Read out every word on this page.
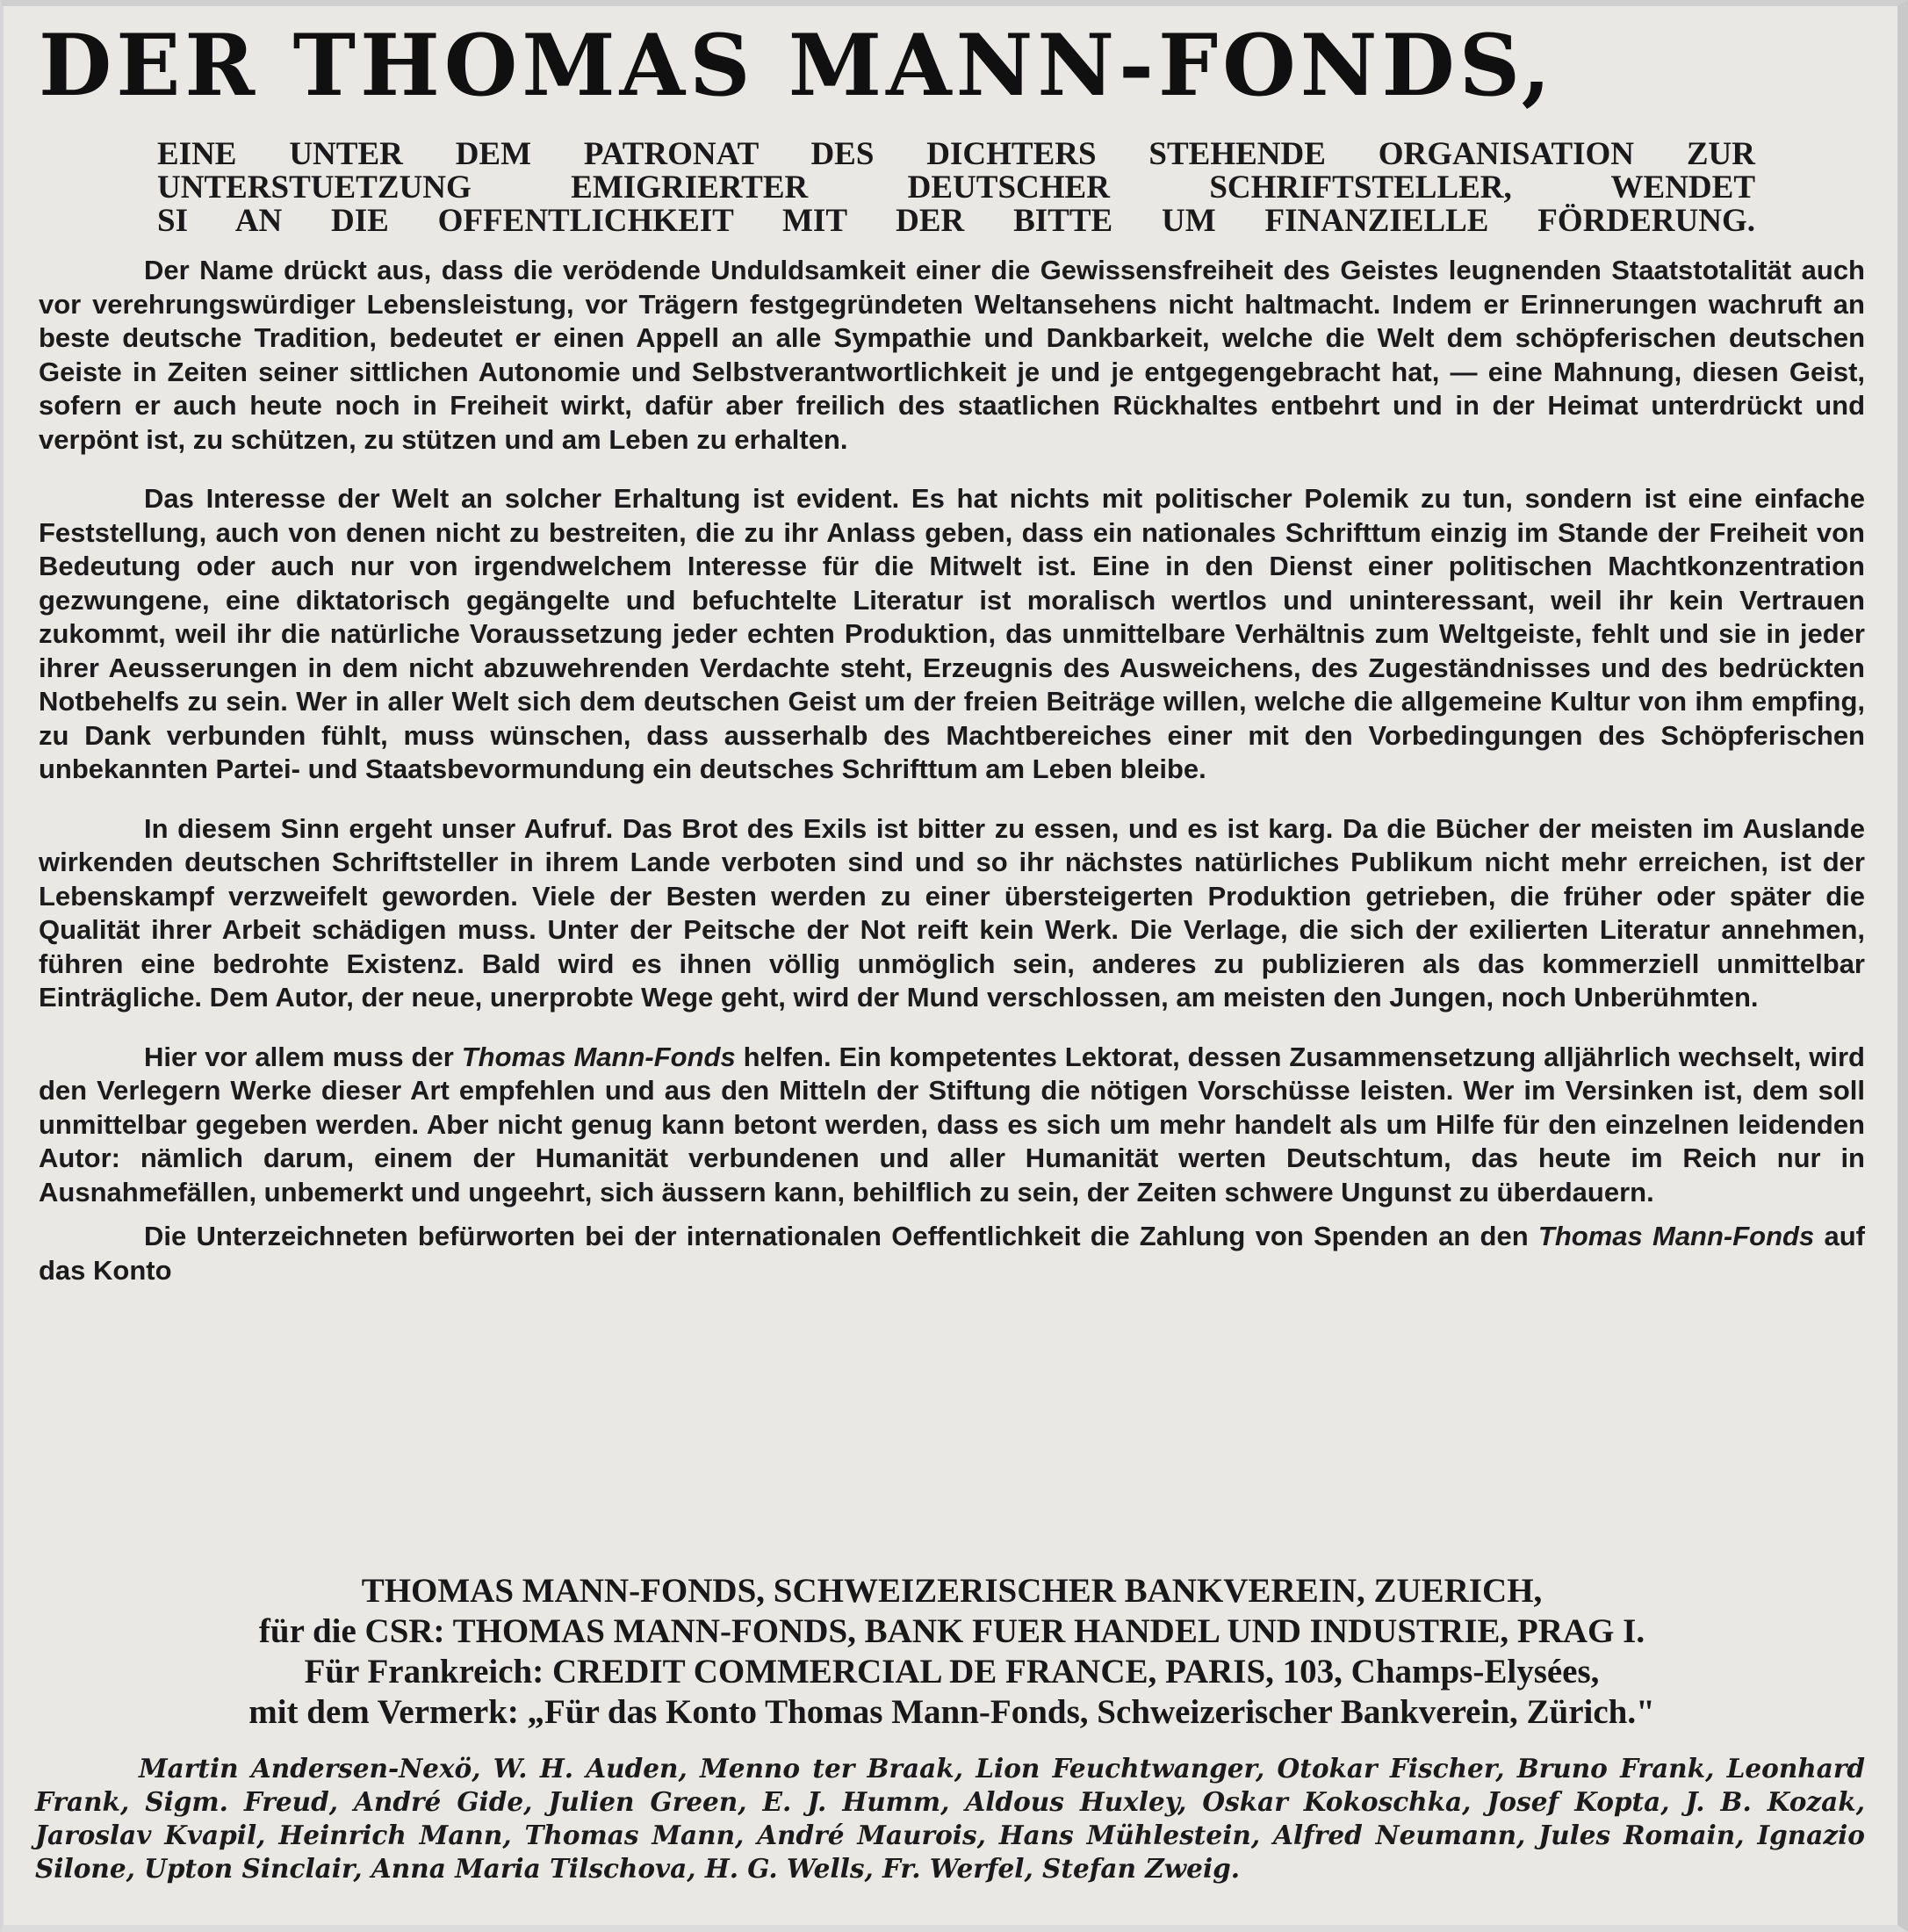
DER THOMAS MANN-FONDS,
EINE UNTER DEM PATRONAT DES DICHTERS STEHENDE ORGANISATION ZUR
UNTERSTUETZUNG EMIGRIERTER DEUTSCHER SCHRIFTSTELLER, WENDET
SI AN DIE OFFENTLICHKEIT MIT DER BITTE UM FINANZIELLE FÖRDERUNG.

Der Name drückt aus, dass die verödende Unduldsamkeit einer die Gewissensfreiheit des Geistes leugnenden Staatstotalität auch vor verehrungswürdiger Lebensleistung, vor Trägern festgegründeten Weltansehens nicht haltmacht. Indem er Erinnerungen wachruft an beste deutsche Tradition, bedeutet er einen Appell an alle Sympathie und Dankbarkeit, welche die Welt dem schöpferischen deutschen Geiste in Zeiten seiner sittlichen Autonomie und Selbstverantwortlichkeit je und je entgegengebracht hat, — eine Mahnung, diesen Geist, sofern er auch heute noch in Freiheit wirkt, dafür aber freilich des staatlichen Rückhaltes entbehrt und in der Heimat unterdrückt und verpönt ist, zu schützen, zu stützen und am Leben zu erhalten.

Das Interesse der Welt an solcher Erhaltung ist evident. Es hat nichts mit politischer Polemik zu tun, sondern ist eine einfache Feststellung, auch von denen nicht zu bestreiten, die zu ihr Anlass geben, dass ein nationales Schrifttum einzig im Stande der Freiheit von Bedeutung oder auch nur von irgendwelchem Interesse für die Mitwelt ist. Eine in den Dienst einer politischen Machtkonzentration gezwungene, eine diktatorisch gegängelte und befuchtelte Literatur ist moralisch wertlos und uninteressant, weil ihr kein Vertrauen zukommt, weil ihr die natürliche Voraussetzung jeder echten Produktion, das unmittelbare Verhältnis zum Weltgeiste, fehlt und sie in jeder ihrer Aeusserungen in dem nicht abzuwehrenden Verdachte steht, Erzeugnis des Ausweichens, des Zugeständnisses und des bedrückten Notbehelfs zu sein. Wer in aller Welt sich dem deutschen Geist um der freien Beiträge willen, welche die allgemeine Kultur von ihm empfing, zu Dank verbunden fühlt, muss wünschen, dass ausserhalb des Machtbereiches einer mit den Vorbedingungen des Schöpferischen unbekannten Partei- und Staatsbevormundung ein deutsches Schrifttum am Leben bleibe.

In diesem Sinn ergeht unser Aufruf. Das Brot des Exils ist bitter zu essen, und es ist karg. Da die Bücher der meisten im Auslande wirkenden deutschen Schriftsteller in ihrem Lande verboten sind und so ihr nächstes natürliches Publikum nicht mehr erreichen, ist der Lebenskampf verzweifelt geworden. Viele der Besten werden zu einer übersteigerten Produktion getrieben, die früher oder später die Qualität ihrer Arbeit schädigen muss. Unter der Peitsche der Not reift kein Werk. Die Verlage, die sich der exilierten Literatur annehmen, führen eine bedrohte Existenz. Bald wird es ihnen völlig unmöglich sein, anderes zu publizieren als das kommerziell unmittelbar Einträgliche. Dem Autor, der neue, unerprobte Wege geht, wird der Mund verschlossen, am meisten den Jungen, noch Unberühmten.

Hier vor allem muss der Thomas Mann-Fonds helfen. Ein kompetentes Lektorat, dessen Zusammensetzung alljährlich wechselt, wird den Verlegern Werke dieser Art empfehlen und aus den Mitteln der Stiftung die nötigen Vorschüsse leisten. Wer im Versinken ist, dem soll unmittelbar gegeben werden. Aber nicht genug kann betont werden, dass es sich um mehr handelt als um Hilfe für den einzelnen leidenden Autor: nämlich darum, einem der Humanität verbundenen und aller Humanität werten Deutschtum, das heute im Reich nur in Ausnahmefällen, unbemerkt und ungeehrt, sich äussern kann, behilflich zu sein, der Zeiten schwere Ungunst zu überdauern.

Die Unterzeichneten befürworten bei der internationalen Oeffentlichkeit die Zahlung von Spenden an den Thomas Mann-Fonds auf das Konto

THOMAS MANN-FONDS, SCHWEIZERISCHER BANKVEREIN, ZUERICH,
für die CSR: THOMAS MANN-FONDS, BANK FUER HANDEL UND INDUSTRIE, PRAG I.
Für Frankreich: CREDIT COMMERCIAL DE FRANCE, PARIS, 103, Champs-Elysées,
mit dem Vermerk: „Für das Konto Thomas Mann-Fonds, Schweizerischer Bankverein, Zürich."

Martin Andersen-Nexö, W. H. Auden, Menno ter Braak, Lion Feuchtwanger, Otokar Fischer, Bruno Frank, Leonhard Frank, Sigm. Freud, André Gide, Julien Green, E. J. Humm, Aldous Huxley, Oskar Kokoschka, Josef Kopta, J. B. Kozak, Jaroslav Kvapil, Heinrich Mann, Thomas Mann, André Maurois, Hans Mühlestein, Alfred Neumann, Jules Romain, Ignazio Silone, Upton Sinclair, Anna Maria Tilschova, H. G. Wells, Fr. Werfel, Stefan Zweig.
